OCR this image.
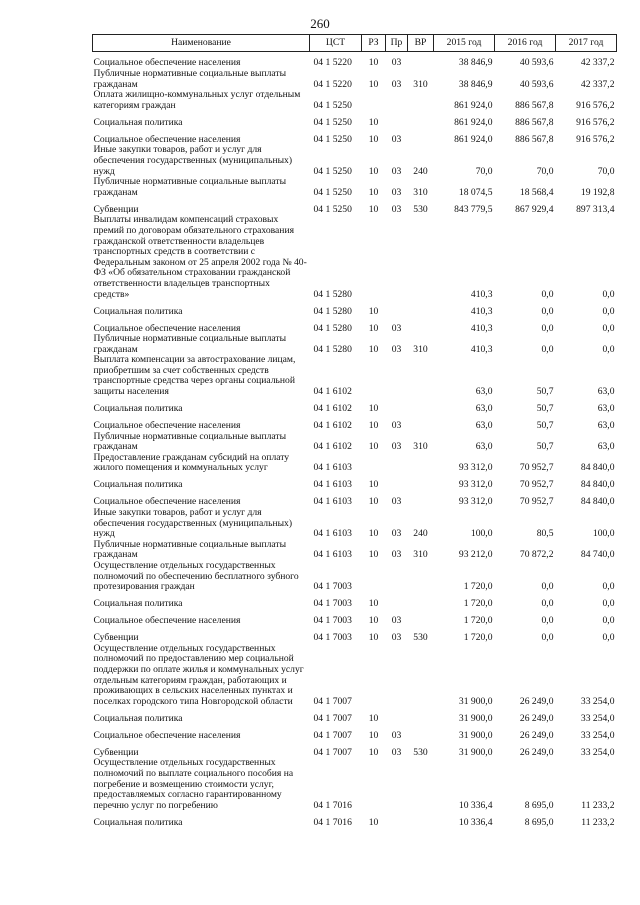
260
Наименование	ЦСТ	РЗ	Пр	ВР	2015 год	2016 год	2017 год
Социальное обеспечение населения	04 1 5220	10	03		38 846,9	40 593,6	42 337,2
Публичные нормативные социальные выплаты гражданам	04 1 5220	10	03	310	38 846,9	40 593,6	42 337,2
Оплата жилищно-коммунальных услуг отдельным категориям граждан	04 1 5250				861 924,0	886 567,8	916 576,2
Социальная политика	04 1 5250	10			861 924,0	886 567,8	916 576,2
Социальное обеспечение населения	04 1 5250	10	03		861 924,0	886 567,8	916 576,2
Иные закупки товаров, работ и услуг для обеспечения государственных (муниципальных) нужд	04 1 5250	10	03	240	70,0	70,0	70,0
Публичные нормативные социальные выплаты гражданам	04 1 5250	10	03	310	18 074,5	18 568,4	19 192,8
Субвенции	04 1 5250	10	03	530	843 779,5	867 929,4	897 313,4
Выплаты инвалидам компенсаций страховых премий по договорам обязательного страхования гражданской ответственности владельцев транспортных средств в соответствии с Федеральным законом от 25 апреля 2002 года № 40-ФЗ «Об обязательном страховании гражданской ответственности владельцев транспортных средств»	04 1 5280				410,3	0,0	0,0
Социальная политика	04 1 5280	10			410,3	0,0	0,0
Социальное обеспечение населения	04 1 5280	10	03		410,3	0,0	0,0
Публичные нормативные социальные выплаты гражданам	04 1 5280	10	03	310	410,3	0,0	0,0
Выплата компенсации за автострахование лицам, приобретшим за счет собственных средств транспортные средства через органы социальной защиты населения	04 1 6102				63,0	50,7	63,0
Социальная политика	04 1 6102	10			63,0	50,7	63,0
Социальное обеспечение населения	04 1 6102	10	03		63,0	50,7	63,0
Публичные нормативные социальные выплаты гражданам	04 1 6102	10	03	310	63,0	50,7	63,0
Предоставление гражданам субсидий на оплату жилого помещения и коммунальных услуг	04 1 6103				93 312,0	70 952,7	84 840,0
Социальная политика	04 1 6103	10			93 312,0	70 952,7	84 840,0
Социальное обеспечение населения	04 1 6103	10	03		93 312,0	70 952,7	84 840,0
Иные закупки товаров, работ и услуг для обеспечения государственных (муниципальных) нужд	04 1 6103	10	03	240	100,0	80,5	100,0
Публичные нормативные социальные выплаты гражданам	04 1 6103	10	03	310	93 212,0	70 872,2	84 740,0
Осуществление отдельных государственных полномочий по обеспечению бесплатного зубного протезирования граждан	04 1 7003				1 720,0	0,0	0,0
Социальная политика	04 1 7003	10			1 720,0	0,0	0,0
Социальное обеспечение населения	04 1 7003	10	03		1 720,0	0,0	0,0
Субвенции	04 1 7003	10	03	530	1 720,0	0,0	0,0
Осуществление отдельных государственных полномочий по предоставлению мер социальной поддержки по оплате жилья и коммунальных услуг отдельным категориям граждан, работающих и проживающих в сельских населенных пунктах и поселках городского типа Новгородской области	04 1 7007				31 900,0	26 249,0	33 254,0
Социальная политика	04 1 7007	10			31 900,0	26 249,0	33 254,0
Социальное обеспечение населения	04 1 7007	10	03		31 900,0	26 249,0	33 254,0
Субвенции	04 1 7007	10	03	530	31 900,0	26 249,0	33 254,0
Осуществление отдельных государственных полномочий по выплате социального пособия на погребение и возмещению стоимости услуг, предоставляемых согласно гарантированному перечню услуг по погребению	04 1 7016				10 336,4	8 695,0	11 233,2
Социальная политика	04 1 7016	10			10 336,4	8 695,0	11 233,2
